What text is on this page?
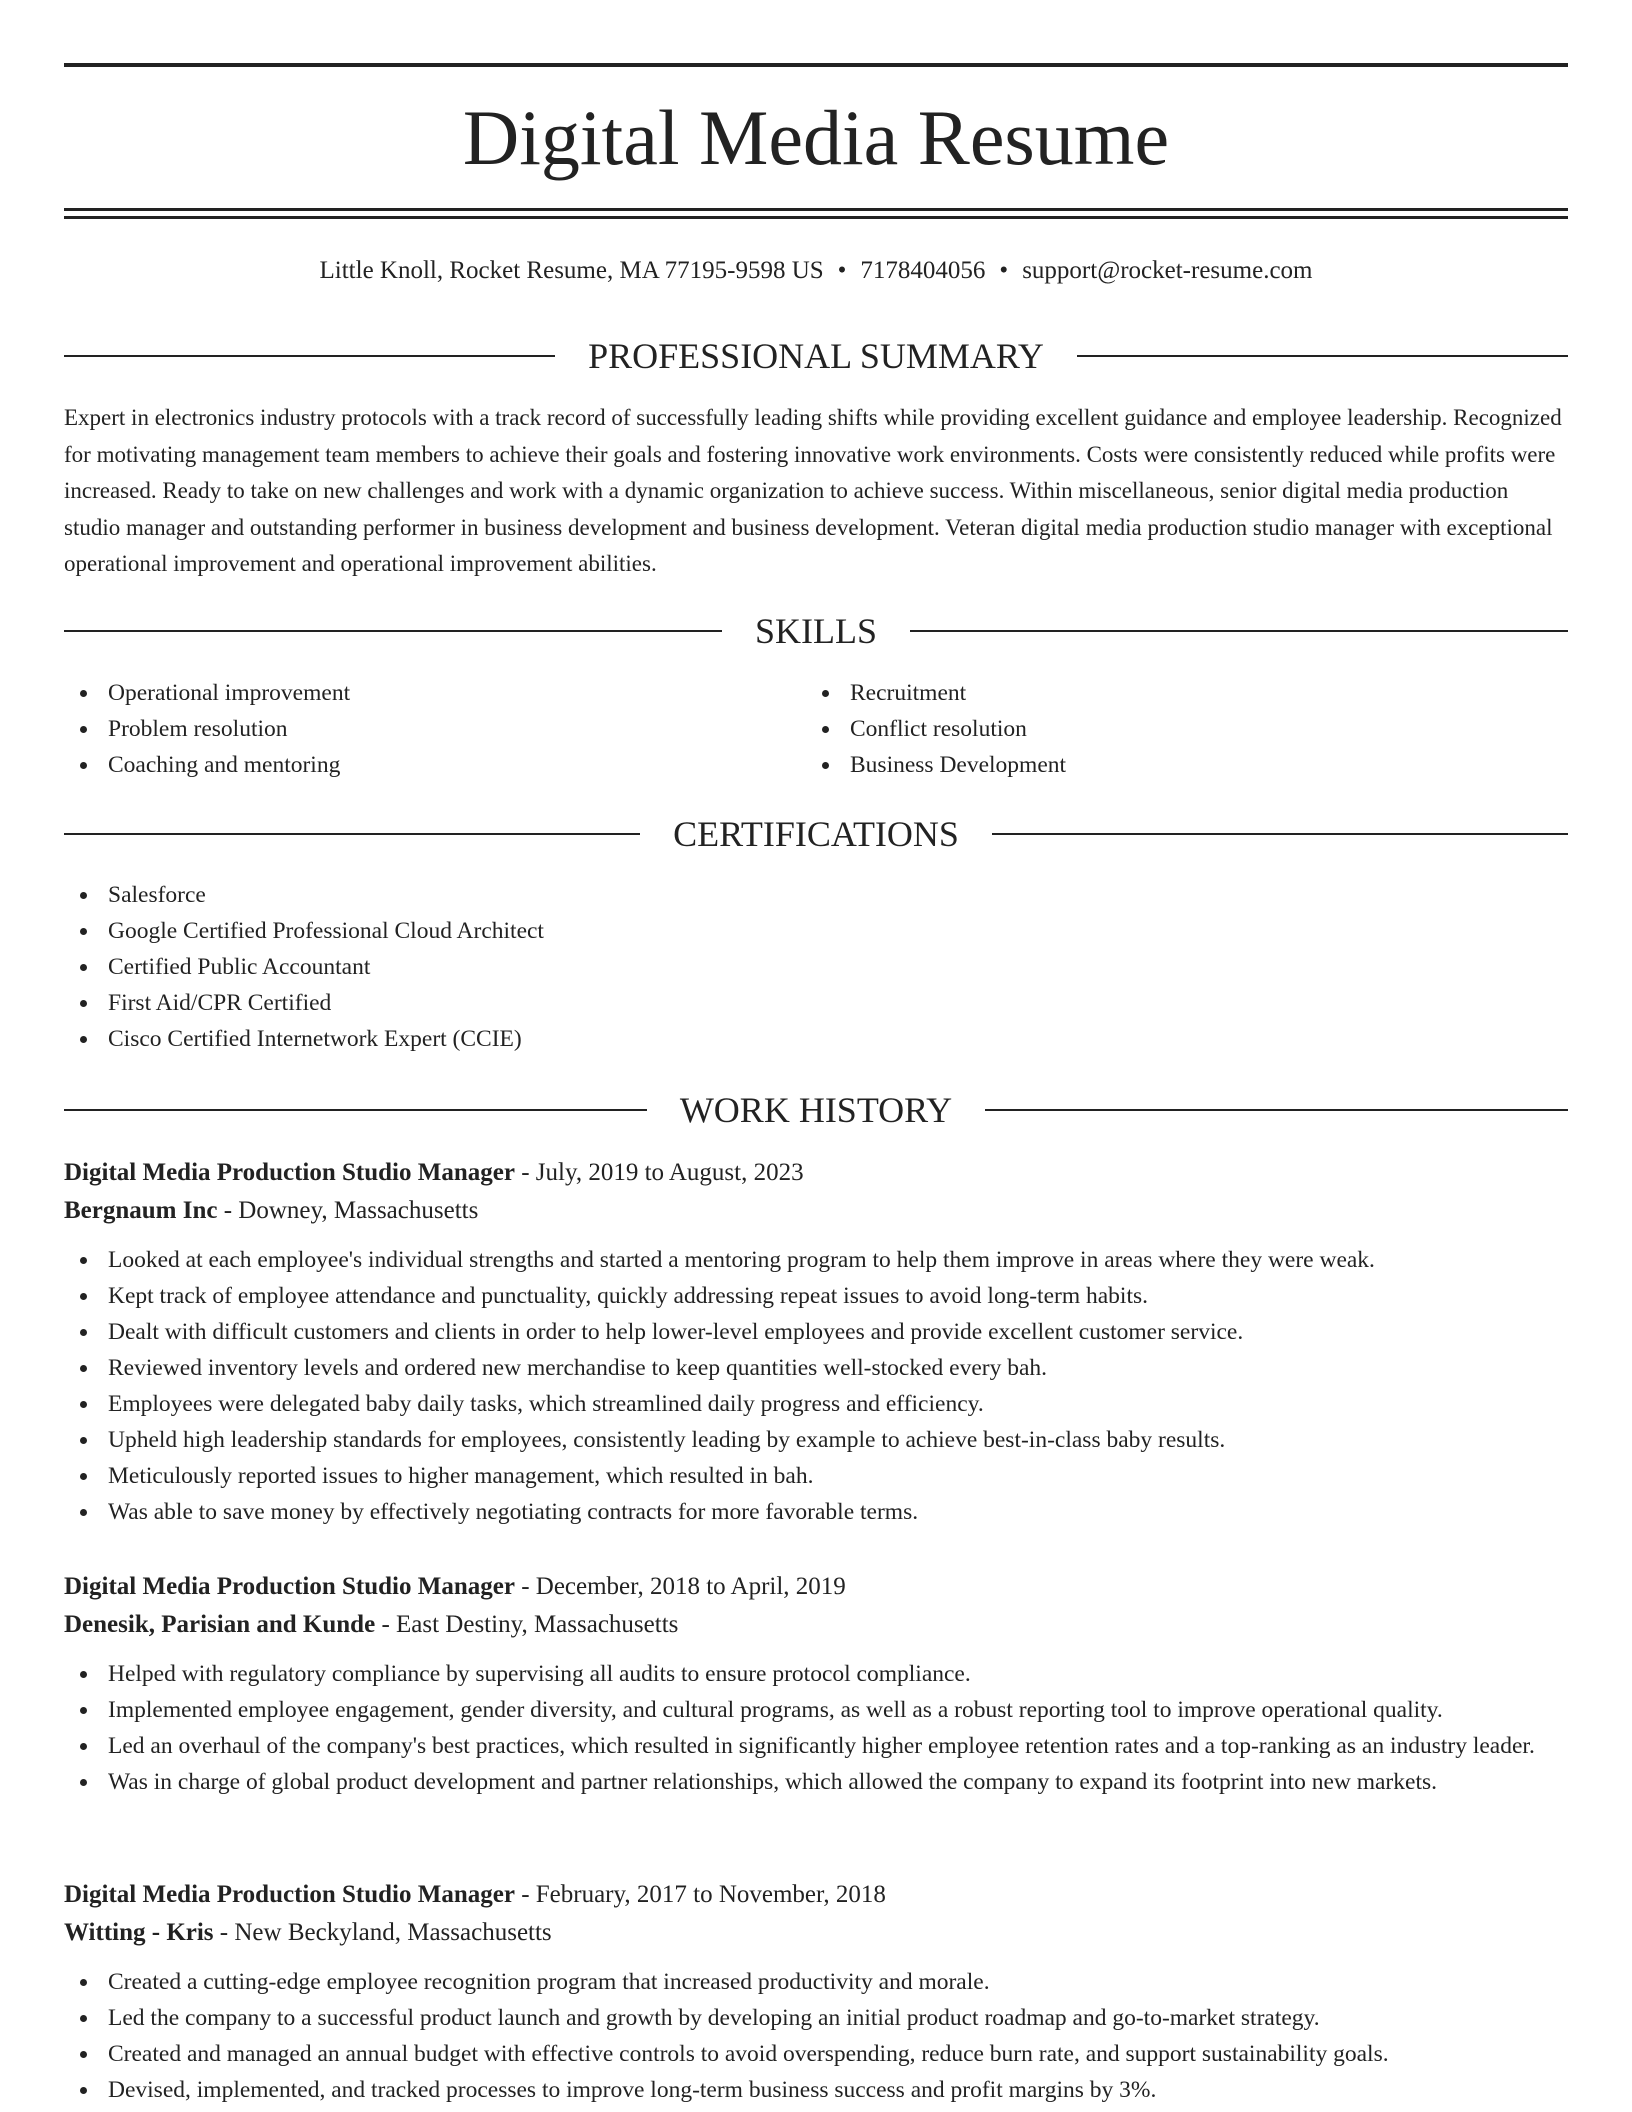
Digital Media Resume
Little Knoll, Rocket Resume, MA 77195-9598 US • 7178404056 • support@rocket-resume.com
PROFESSIONAL SUMMARY

Expert in electronics industry protocols with a track record of successfully leading shifts while providing excellent guidance and employee leadership. Recognized for motivating management team members to achieve their goals and fostering innovative work environments. Costs were consistently reduced while profits were increased. Ready to take on new challenges and work with a dynamic organization to achieve success. Within miscellaneous, senior digital media production studio manager and outstanding performer in business development and business development. Veteran digital media production studio manager with exceptional operational improvement and operational improvement abilities.

SKILLS
Operational improvement
Problem resolution
Coaching and mentoring
Recruitment
Conflict resolution
Business Development
CERTIFICATIONS
Salesforce
Google Certified Professional Cloud Architect
Certified Public Accountant
First Aid/CPR Certified
Cisco Certified Internetwork Expert (CCIE)
WORK HISTORY
Digital Media Production Studio Manager - July, 2019 to August, 2023
Bergnaum Inc - Downey, Massachusetts
Looked at each employee's individual strengths and started a mentoring program to help them improve in areas where they were weak.
Kept track of employee attendance and punctuality, quickly addressing repeat issues to avoid long-term habits.
Dealt with difficult customers and clients in order to help lower-level employees and provide excellent customer service.
Reviewed inventory levels and ordered new merchandise to keep quantities well-stocked every bah.
Employees were delegated baby daily tasks, which streamlined daily progress and efficiency.
Upheld high leadership standards for employees, consistently leading by example to achieve best-in-class baby results.
Meticulously reported issues to higher management, which resulted in bah.
Was able to save money by effectively negotiating contracts for more favorable terms.
Digital Media Production Studio Manager - December, 2018 to April, 2019
Denesik, Parisian and Kunde - East Destiny, Massachusetts
Helped with regulatory compliance by supervising all audits to ensure protocol compliance.
Implemented employee engagement, gender diversity, and cultural programs, as well as a robust reporting tool to improve operational quality.
Led an overhaul of the company's best practices, which resulted in significantly higher employee retention rates and a top-ranking as an industry leader.
Was in charge of global product development and partner relationships, which allowed the company to expand its footprint into new markets.
Digital Media Production Studio Manager - February, 2017 to November, 2018
Witting - Kris - New Beckyland, Massachusetts
Created a cutting-edge employee recognition program that increased productivity and morale.
Led the company to a successful product launch and growth by developing an initial product roadmap and go-to-market strategy.
Created and managed an annual budget with effective controls to avoid overspending, reduce burn rate, and support sustainability goals.
Devised, implemented, and tracked processes to improve long-term business success and profit margins by 3%.
